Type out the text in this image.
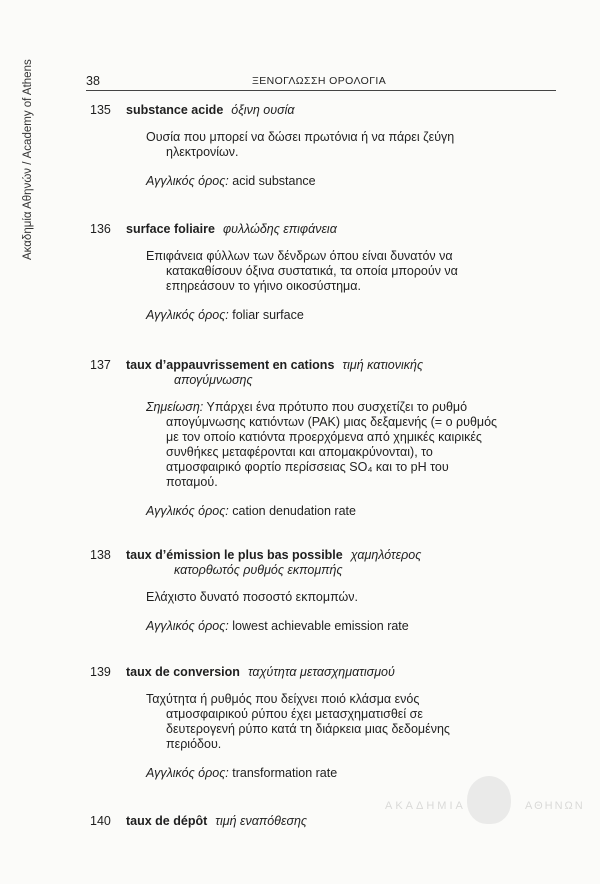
Ακαδημία Αθηνών / Academy of Athens	38	ΞΕΝΟΓΛΩΣΣΗ ΟΡΟΛΟΓΙΑ
135 substance acide όξινη ουσία
Ουσία που μπορεί να δώσει πρωτόνια ή να πάρει ζεύγη
ηλεκτρονίων.
Αγγλικός όρος: acid substance
136 surface foliaire φυλλώδης επιφάνεια
Επιφάνεια φύλλων των δένδρων όπου είναι δυνατόν να
κατακαθίσουν όξινα συστατικά, τα οποία μπορούν να
επηρεάσουν το γήινο οικοσύστημα.
Αγγλικός όρος: foliar surface
137 taux d’appauvrissement en cations τιμή κατιονικής
απογύμνωσης
Σημείωση: Υπάρχει ένα πρότυπο που συσχετίζει το ρυθμό
απογύμνωσης κατιόντων (ΡΑΚ) μιας δεξαμενής (= ο ρυθμός
με τον οποίο κατιόντα προερχόμενα από χημικές καιρικές
συνθήκες μεταφέρονται και απομακρύνονται), το
ατμοσφαιρικό φορτίο περίσσειας SO₄ και το pH του
ποταμού.
Αγγλικός όρος: cation denudation rate
138 taux d’émission le plus bas possible χαμηλότερος
κατορθωτός ρυθμός εκπομπής
Ελάχιστο δυνατό ποσοστό εκπομπών.
Αγγλικός όρος: lowest achievable emission rate
139 taux de conversion ταχύτητα μετασχηματισμού
Ταχύτητα ή ρυθμός που δείχνει ποιό κλάσμα ενός
ατμοσφαιρικού ρύπου έχει μετασχηματισθεί σε
δευτερογενή ρύπο κατά τη διάρκεια μιας δεδομένης
περιόδου.
Αγγλικός όρος: transformation rate
140 taux de dépôt τιμή εναπόθεσης
ΑΚΑΔΗΜΙΑ	ΑΘΗΝΩΝ
